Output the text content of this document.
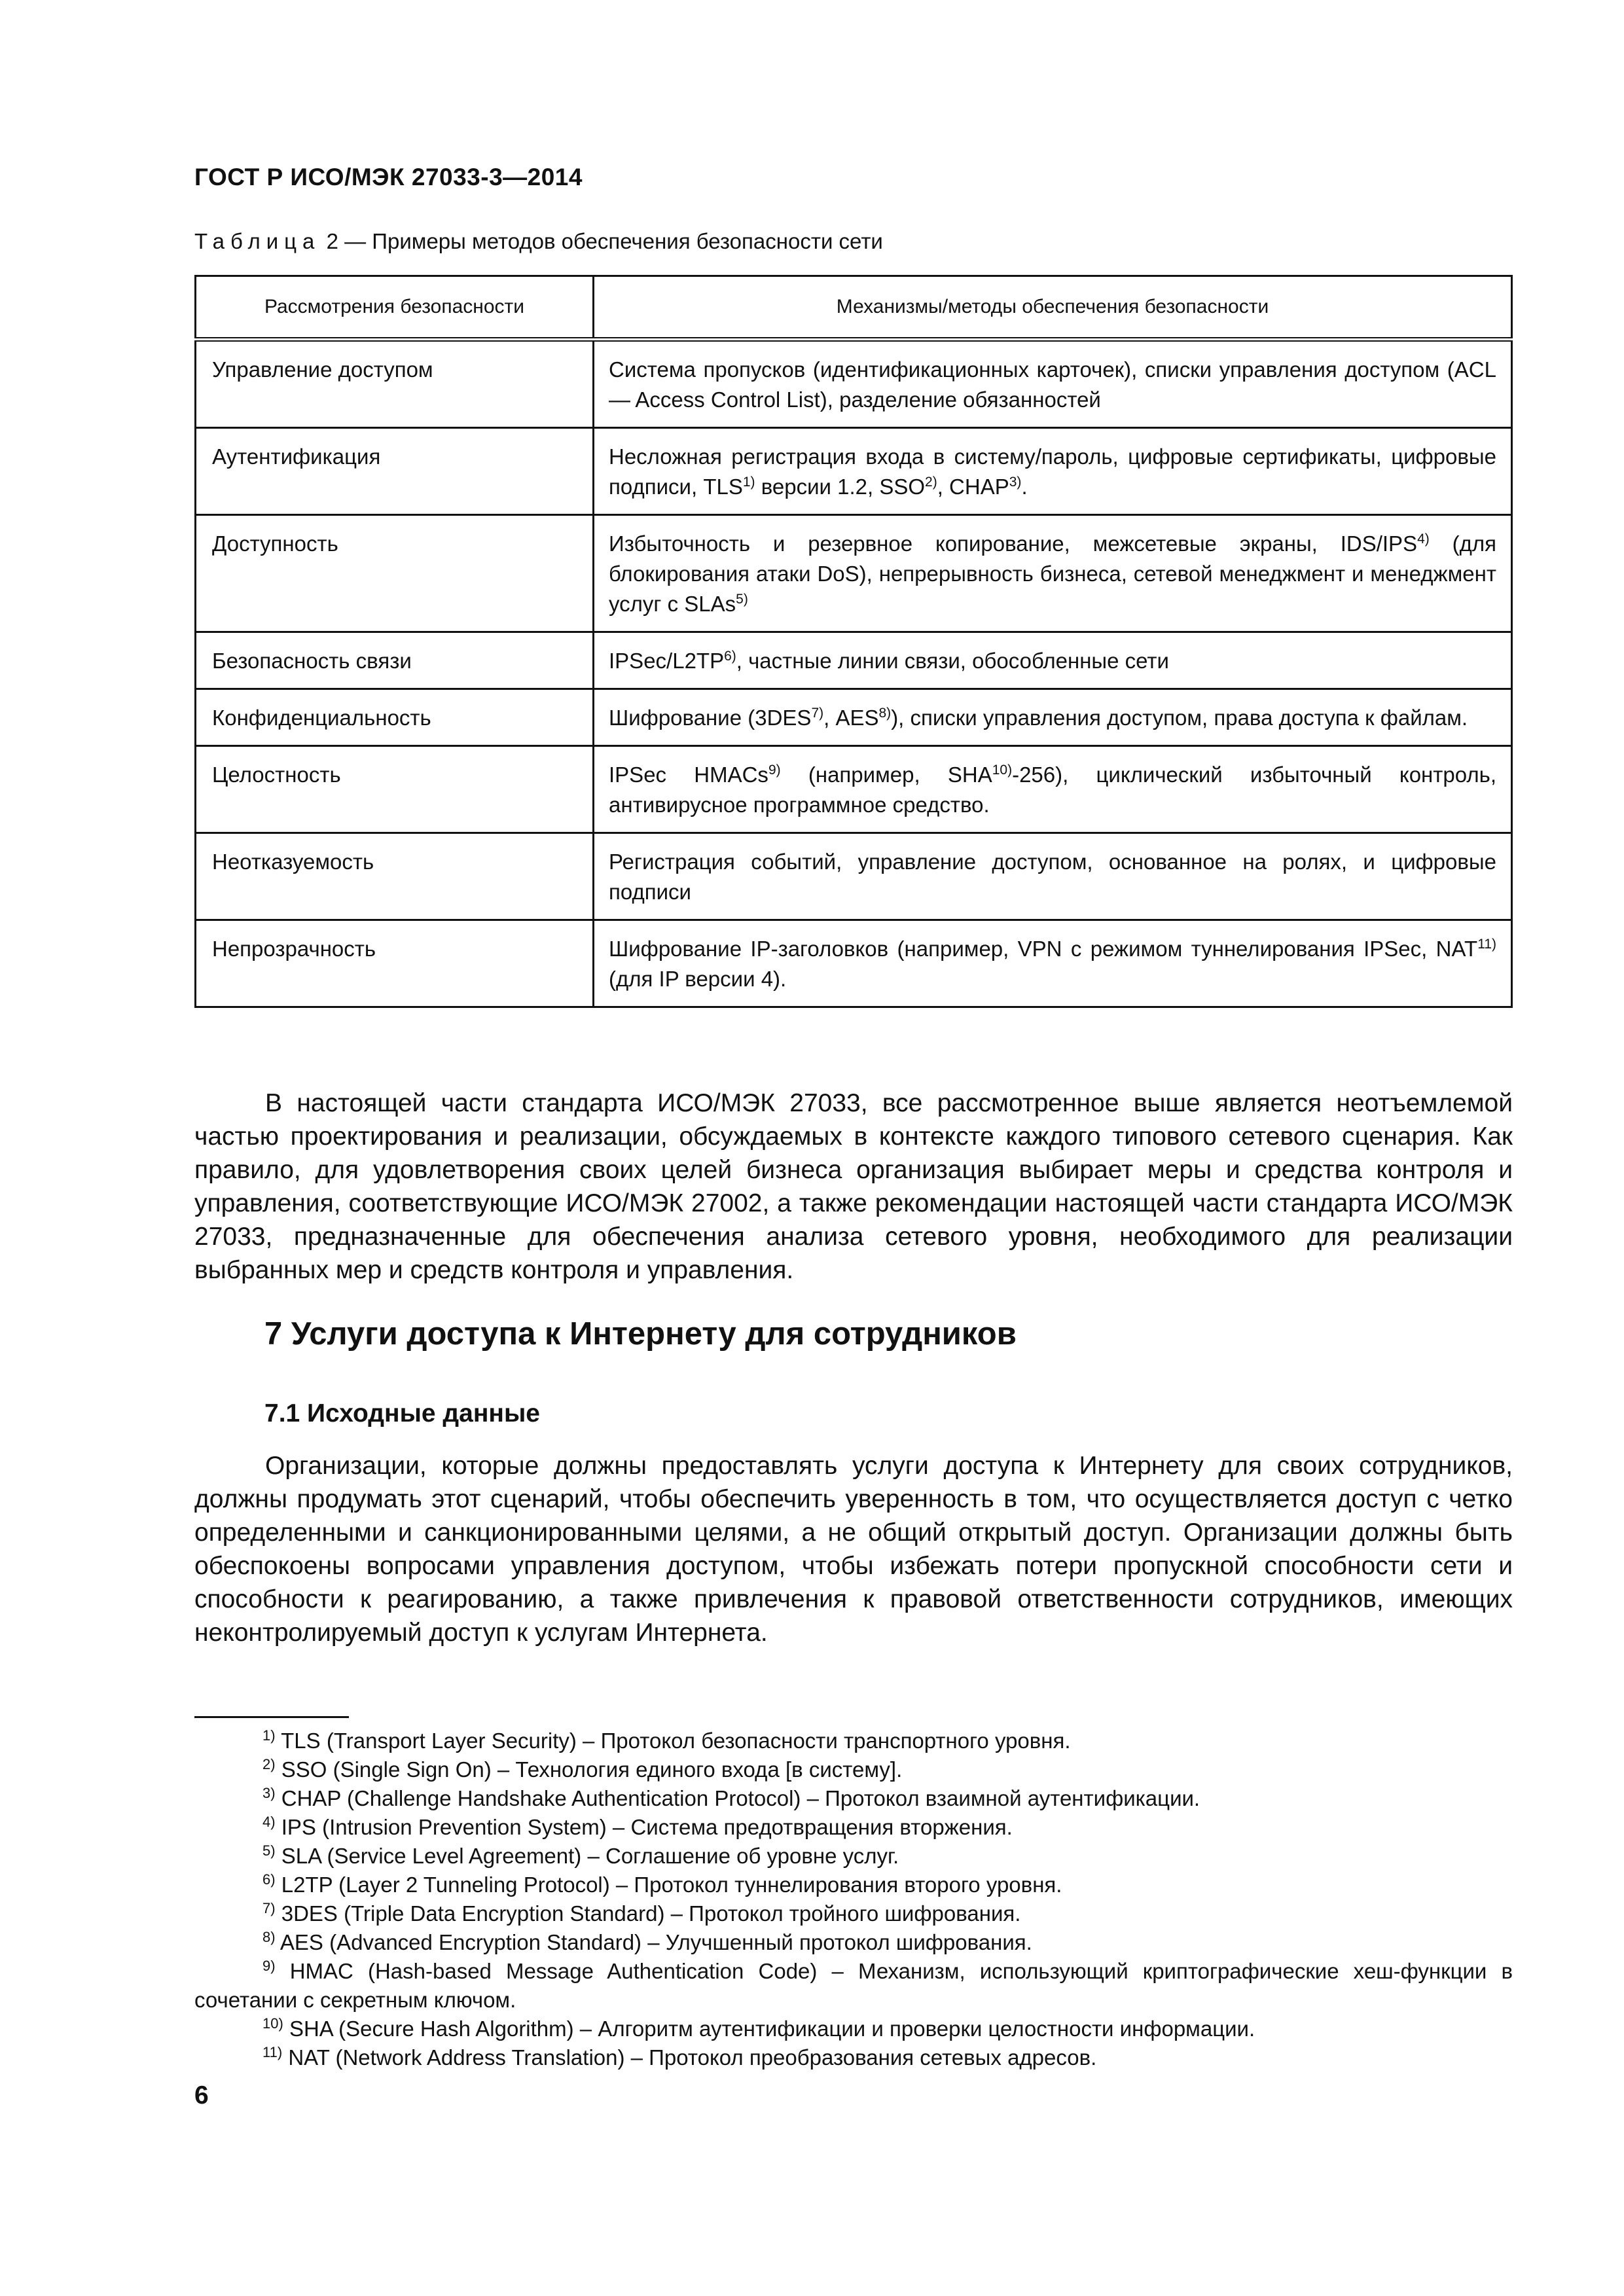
ГОСТ Р ИСО/МЭК 27033-3—2014
Таблица 2 — Примеры методов обеспечения безопасности сети
Рассмотрения безопасности	Механизмы/методы обеспечения безопасности
Управление доступом	Система пропусков (идентификационных карточек), списки управления доступом (ACL — Access Control List), разделение обязанностей
Аутентификация	Несложная регистрация входа в систему/пароль, цифровые сертификаты, цифровые подписи, TLS$^{1)}$ версии 1.2, SSO$^{2)}$, CHAP$^{3)}$.
Доступность	Избыточность и резервное копирование, межсетевые экраны, IDS/IPS$^{4)}$ (для блокирования атаки DoS), непрерывность бизнеса, сетевой менеджмент и менеджмент услуг с SLAs$^{5)}$
Безопасность связи	IPSec/L2TP$^{6)}$, частные линии связи, обособленные сети
Конфиденциальность	Шифрование (3DES$^{7)}$, AES$^{8)}$), списки управления доступом, права доступа к файлам.
Целостность	IPSec HMACs$^{9)}$ (например, SHA$^{10)}$-256), циклический избыточный контроль, антивирусное программное средство.
Неотказуемость	Регистрация событий, управление доступом, основанное на ролях, и цифровые подписи
Непрозрачность	Шифрование IP-заголовков (например, VPN с режимом туннелирования IPSec, NAT$^{11)}$ (для IP версии 4).

В настоящей части стандарта ИСО/МЭК 27033, все рассмотренное выше является неотъемлемой частью проектирования и реализации, обсуждаемых в контексте каждого типового сетевого сценария. Как правило, для удовлетворения своих целей бизнеса организация выбирает меры и средства контроля и управления, соответствующие ИСО/МЭК 27002, а также рекомендации настоящей части стандарта ИСО/МЭК 27033, предназначенные для обеспечения анализа сетевого уровня, необходимого для реализации выбранных мер и средств контроля и управления.

7 Услуги доступа к Интернету для сотрудников
7.1 Исходные данные

Организации, которые должны предоставлять услуги доступа к Интернету для своих сотрудников, должны продумать этот сценарий, чтобы обеспечить уверенность в том, что осуществляется доступ с четко определенными и санкционированными целями, а не общий открытый доступ. Организации должны быть обеспокоены вопросами управления доступом, чтобы избежать потери пропускной способности сети и способности к реагированию, а также привлечения к правовой ответственности сотрудников, имеющих неконтролируемый доступ к услугам Интернета.

$^{1)}$ TLS (Transport Layer Security) – Протокол безопасности транспортного уровня.
$^{2)}$ SSO (Single Sign On) – Технология единого входа [в систему].
$^{3)}$ CHAP (Challenge Handshake Authentication Protocol) – Протокол взаимной аутентификации.
$^{4)}$ IPS (Intrusion Prevention System) – Система предотвращения вторжения.
$^{5)}$ SLA (Service Level Agreement) – Соглашение об уровне услуг.
$^{6)}$ L2TP (Layer 2 Tunneling Protocol) – Протокол туннелирования второго уровня.
$^{7)}$ 3DES (Triple Data Encryption Standard) – Протокол тройного шифрования.
$^{8)}$ AES (Advanced Encryption Standard) – Улучшенный протокол шифрования.
$^{9)}$ HMAC (Hash-based Message Authentication Code) – Механизм, использующий криптографические хеш-функции в сочетании с секретным ключом.
$^{10)}$ SHA (Secure Hash Algorithm) – Алгоритм аутентификации и проверки целостности информации.
$^{11)}$ NAT (Network Address Translation) – Протокол преобразования сетевых адресов.
6
